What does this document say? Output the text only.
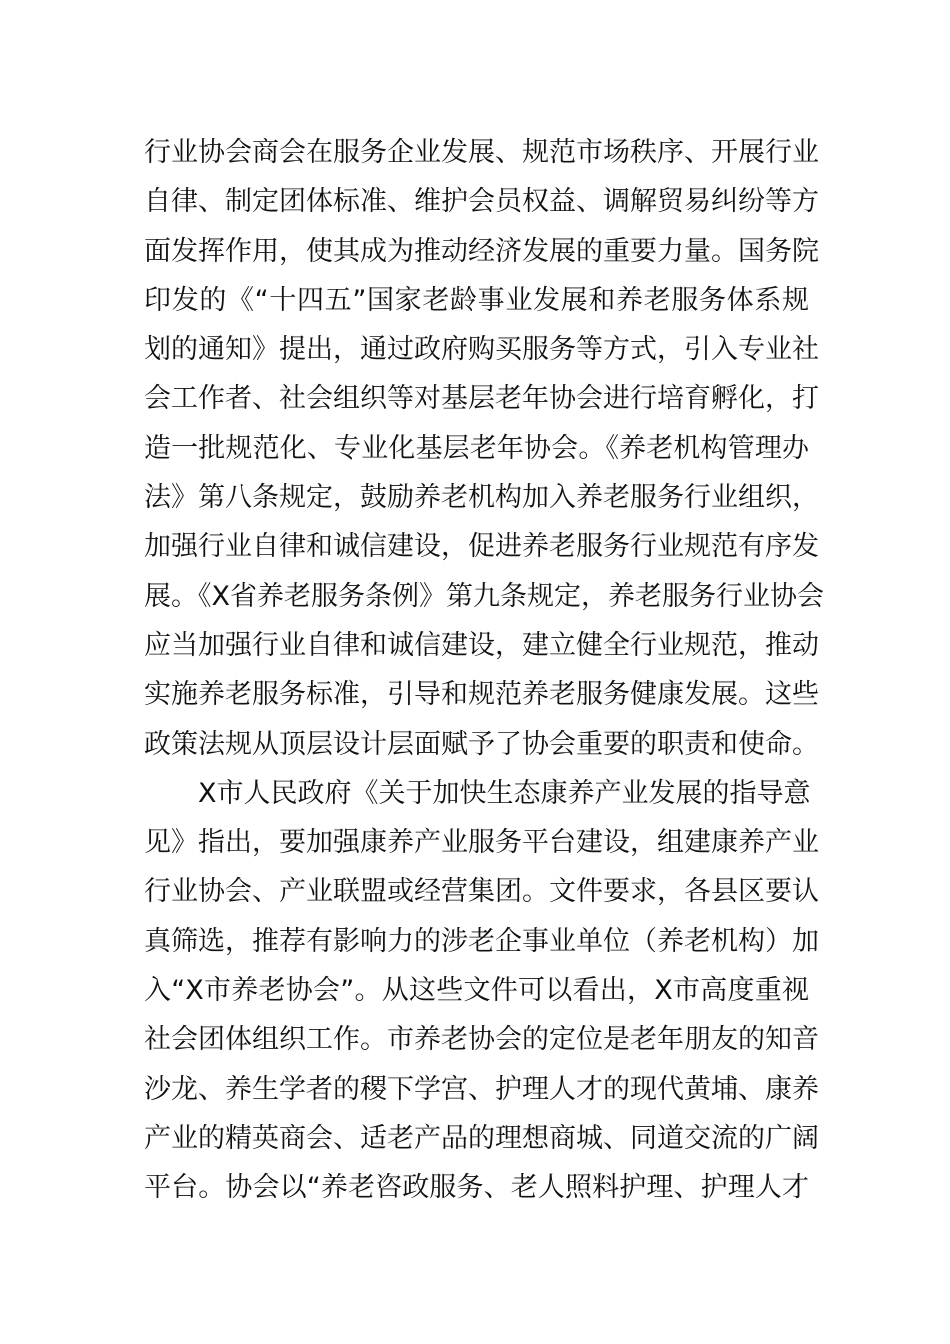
行业协会商会在服务企业发展、规范市场秩序、开展行业
自律、制定团体标准、维护会员权益、调解贸易纠纷等方
面发挥作用，使其成为推动经济发展的重要力量。国务院
印发的《“十四五”国家老龄事业发展和养老服务体系规
划的通知》提出，通过政府购买服务等方式，引入专业社
会工作者、社会组织等对基层老年协会进行培育孵化，打
造一批规范化、专业化基层老年协会。《养老机构管理办
法》第八条规定，鼓励养老机构加入养老服务行业组织，
加强行业自律和诚信建设，促进养老服务行业规范有序发
展。《X省养老服务条例》第九条规定，养老服务行业协会
应当加强行业自律和诚信建设，建立健全行业规范，推动
实施养老服务标准，引导和规范养老服务健康发展。这些
政策法规从顶层设计层面赋予了协会重要的职责和使命。
X市人民政府《关于加快生态康养产业发展的指导意
见》指出，要加强康养产业服务平台建设，组建康养产业
行业协会、产业联盟或经营集团。文件要求，各县区要认
真筛选，推荐有影响力的涉老企事业单位（养老机构）加
入“X市养老协会”。从这些文件可以看出，X市高度重视
社会团体组织工作。市养老协会的定位是老年朋友的知音
沙龙、养生学者的稷下学宫、护理人才的现代黄埔、康养
产业的精英商会、适老产品的理想商城、同道交流的广阔
平台。协会以“养老咨政服务、老人照料护理、护理人才
